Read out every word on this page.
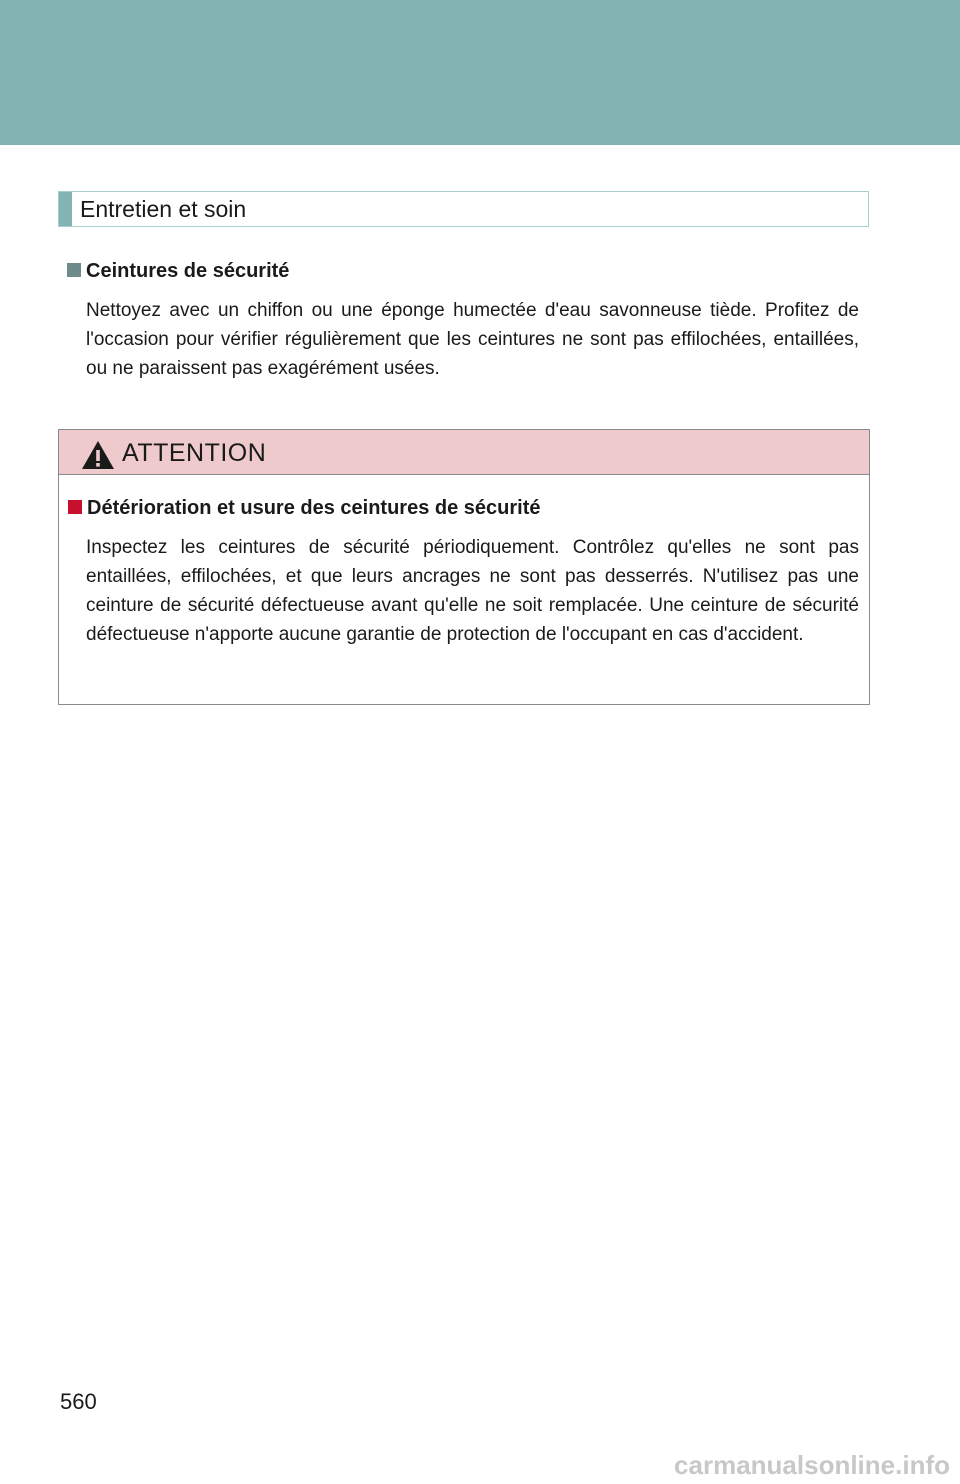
Entretien et soin
Ceintures de sécurité

Nettoyez avec un chiffon ou une éponge humectée d'eau savonneuse tiède. Profitez de l'occasion pour vérifier régulièrement que les ceintures ne sont pas effilochées, entaillées, ou ne paraissent pas exagérément usées.

ATTENTION
Détérioration et usure des ceintures de sécurité

Inspectez les ceintures de sécurité périodiquement. Contrôlez qu'elles ne sont pas entaillées, effilochées, et que leurs ancrages ne sont pas desserrés. N'utilisez pas une ceinture de sécurité défectueuse avant qu'elle ne soit remplacée. Une ceinture de sécurité défectueuse n'apporte aucune garantie de protection de l'occupant en cas d'accident.

560
carmanualsonline.info
